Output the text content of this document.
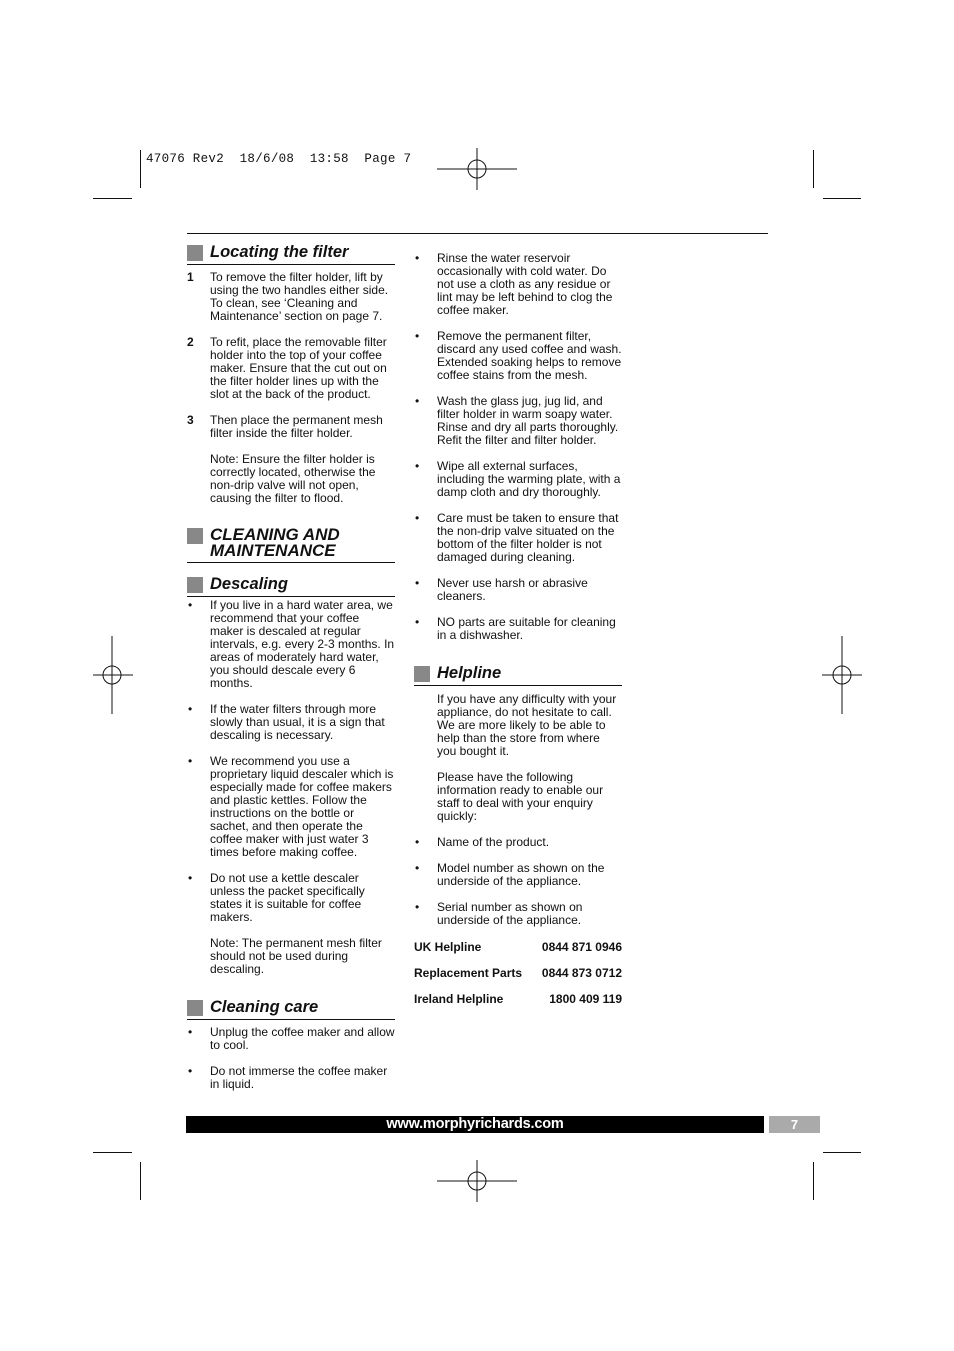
47076 Rev2  18/6/08  13:58  Page 7
Locating the filter
1 To remove the filter holder, lift by using the two handles either side. To clean, see ‘Cleaning and Maintenance’ section on page 7.
2 To refit, place the removable filter holder into the top of your coffee maker. Ensure that the cut out on the filter holder lines up with the slot at the back of the product.
3 Then place the permanent mesh filter inside the filter holder.
Note: Ensure the filter holder is correctly located, otherwise the non-drip valve will not open, causing the filter to flood.
CLEANING AND
MAINTENANCE
Descaling
• If you live in a hard water area, we recommend that your coffee maker is descaled at regular intervals, e.g. every 2-3 months. In areas of moderately hard water, you should descale every 6 months.
• If the water filters through more slowly than usual, it is a sign that descaling is necessary.
• We recommend you use a proprietary liquid descaler which is especially made for coffee makers and plastic kettles. Follow the instructions on the bottle or sachet, and then operate the coffee maker with just water 3 times before making coffee.
• Do not use a kettle descaler unless the packet specifically states it is suitable for coffee makers.
Note: The permanent mesh filter should not be used during descaling.
Cleaning care
• Unplug the coffee maker and allow to cool.
• Do not immerse the coffee maker in liquid.
• Rinse the water reservoir occasionally with cold water. Do not use a cloth as any residue or lint may be left behind to clog the coffee maker.
• Remove the permanent filter, discard any used coffee and wash. Extended soaking helps to remove coffee stains from the mesh.
• Wash the glass jug, jug lid, and filter holder in warm soapy water. Rinse and dry all parts thoroughly. Refit the filter and filter holder.
• Wipe all external surfaces, including the warming plate, with a damp cloth and dry thoroughly.
• Care must be taken to ensure that the non-drip valve situated on the bottom of the filter holder is not damaged during cleaning.
• Never use harsh or abrasive cleaners.
• NO parts are suitable for cleaning in a dishwasher.
Helpline
If you have any difficulty with your appliance, do not hesitate to call. We are more likely to be able to help than the store from where you bought it.
Please have the following information ready to enable our staff to deal with your enquiry quickly:
• Name of the product.
• Model number as shown on the underside of the appliance.
• Serial number as shown on underside of the appliance.
UK Helpline	0844 871 0946
Replacement Parts 0844 873 0712
Ireland Helpline	1800 409 119
www.morphyrichards.com	7
